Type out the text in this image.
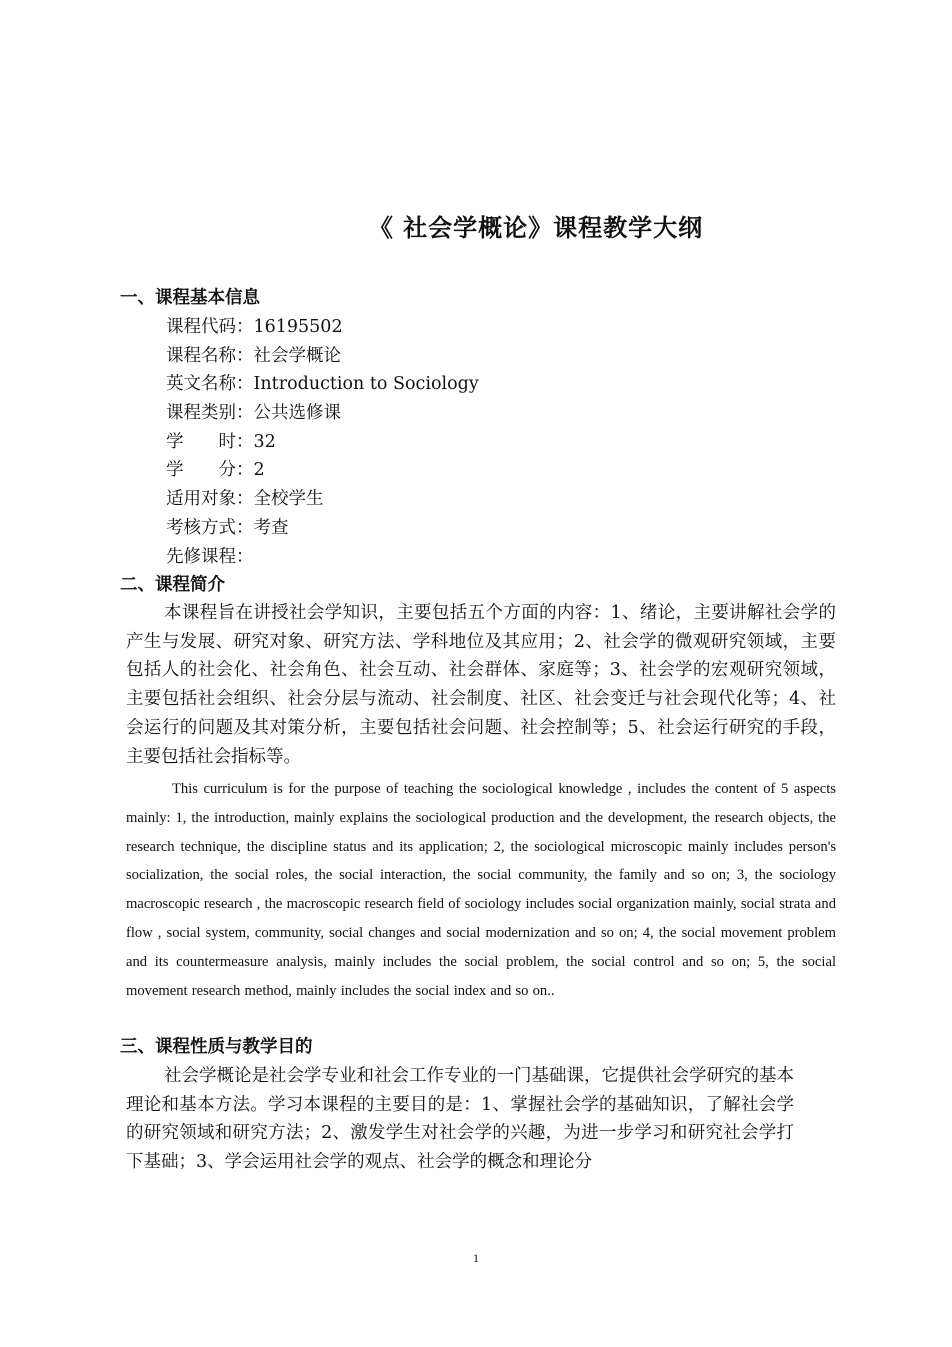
《 社会学概论》课程教学大纲
一、课程基本信息
课程代码：16195502
课程名称：社会学概论
英文名称：Introduction to Sociology
课程类别：公共选修课
学　　时：32
学　　分：2
适用对象：全校学生
考核方式：考查
先修课程：
二、课程简介

本课程旨在讲授社会学知识，主要包括五个方面的内容：1、绪论，主要讲解社会学的产生与发展、研究对象、研究方法、学科地位及其应用；2、社会学的微观研究领域，主要包括人的社会化、社会角色、社会互动、社会群体、家庭等；3、社会学的宏观研究领域，主要包括社会组织、社会分层与流动、社会制度、社区、社会变迁与社会现代化等；4、社会运行的问题及其对策分析，主要包括社会问题、社会控制等；5、社会运行研究的手段，主要包括社会指标等。

This curriculum is for the purpose of teaching the sociological knowledge , includes the content of 5 aspects mainly: 1, the introduction, mainly explains the sociological production and the development, the research objects, the research technique, the discipline status and its application; 2, the sociological microscopic mainly includes person's socialization, the social roles, the social interaction, the social community, the family and so on; 3, the sociology macroscopic research , the macroscopic research field of sociology includes social organization mainly, social strata and flow , social system, community, social changes and social modernization and so on; 4, the social movement problem and its countermeasure analysis, mainly includes the social problem, the social control and so on; 5, the social movement research method, mainly includes the social index and so on..

三、课程性质与教学目的

社会学概论是社会学专业和社会工作专业的一门基础课，它提供社会学研究的基本理论和基本方法。学习本课程的主要目的是：1、掌握社会学的基础知识，了解社会学的研究领域和研究方法；2、激发学生对社会学的兴趣，为进一步学习和研究社会学打下基础；3、学会运用社会学的观点、社会学的概念和理论分

1
